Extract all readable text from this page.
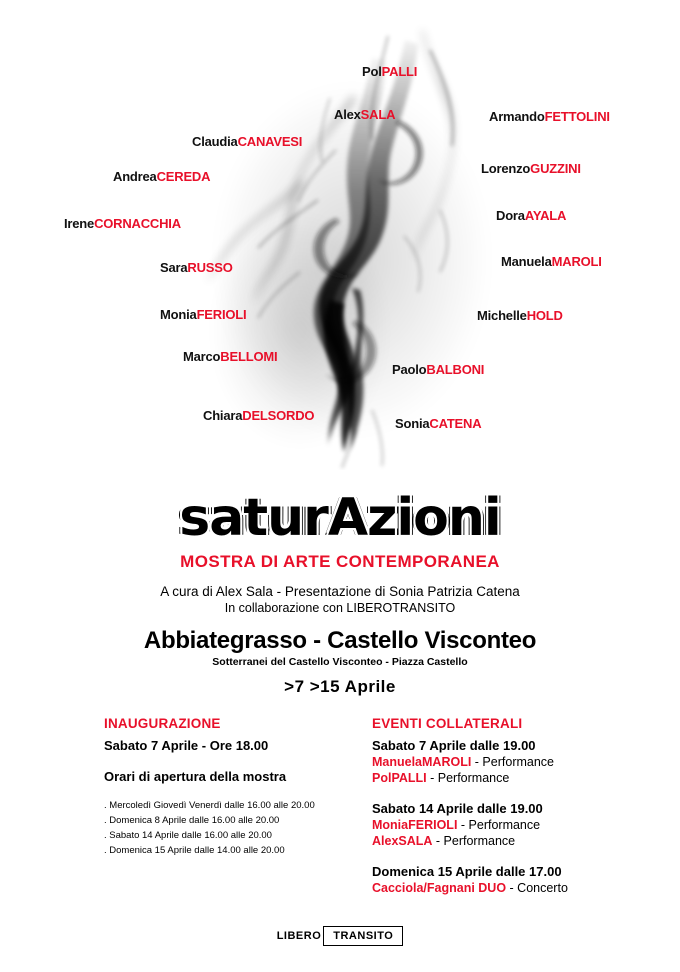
PolPALLI
AlexSALA	ArmandoFETTOLINI
ClaudiaCANAVESI
LorenzoGUZZINI
AndreaCEREDA
DoraAYALA
IreneCORNACCHIA
ManuelaMAROLI
SaraRUSSO
MoniaFERIOLI	MichelleHOLD
MarcoBELLOMI
PaoloBALBONI
ChiaraDELSORDO
SoniaCATENA
saturAzioni
MOSTRA DI ARTE CONTEMPORANEA
A cura di Alex Sala - Presentazione di Sonia Patrizia Catena
In collaborazione con LIBEROTRANSITO
Abbiategrasso - Castello Visconteo
Sotterranei del Castello Visconteo - Piazza Castello
>7 >15 Aprile
INAUGURAZIONE
Sabato 7 Aprile - Ore 18.00
Orari di apertura della mostra
. Mercoledì Giovedì Venerdì dalle 16.00 alle 20.00
. Domenica 8 Aprile dalle 16.00 alle 20.00
. Sabato 14 Aprile dalle 16.00 alle 20.00
. Domenica 15 Aprile dalle 14.00 alle 20.00
EVENTI COLLATERALI
Sabato 7 Aprile dalle 19.00
ManuelaMAROLI - Performance
PolPALLI - Performance
Sabato 14 Aprile dalle 19.00
MoniaFERIOLI - Performance
AlexSALA - Performance
Domenica 15 Aprile dalle 17.00
Cacciola/Fagnani DUO - Concerto
LIBERO TRANSITO
